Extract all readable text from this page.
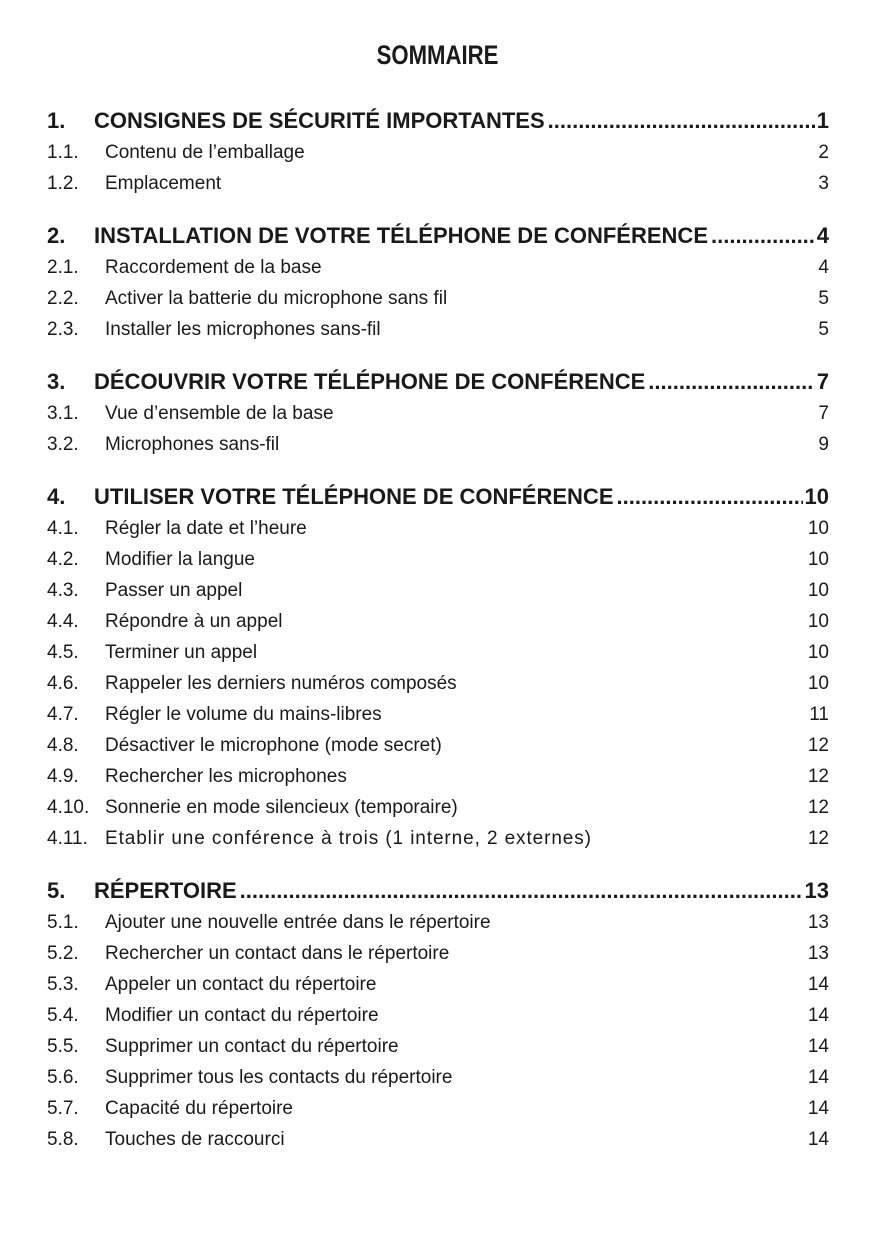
SOMMAIRE
1.	CONSIGNES DE SÉCURITÉ IMPORTANTES .....	1
1.1.	Contenu de l’emballage	2
1.2.	Emplacement	3
2.	INSTALLATION DE VOTRE TÉLÉPHONE DE CONFÉRENCE .....	4
2.1.	Raccordement de la base	4
2.2.	Activer la batterie du microphone sans fil	5
2.3.	Installer les microphones sans-fil	5
3.	DÉCOUVRIR VOTRE TÉLÉPHONE DE CONFÉRENCE .....	7
3.1.	Vue d’ensemble de la base	7
3.2.	Microphones sans-fil	9
4.	UTILISER VOTRE TÉLÉPHONE DE CONFÉRENCE .....	10
4.1.	Régler la date et l’heure	10
4.2.	Modifier la langue	10
4.3.	Passer un appel	10
4.4.	Répondre à un appel	10
4.5.	Terminer un appel	10
4.6.	Rappeler les derniers numéros composés	10
4.7.	Régler le volume du mains-libres	11
4.8.	Désactiver le microphone (mode secret)	12
4.9.	Rechercher les microphones	12
4.10. Sonnerie en mode silencieux (temporaire)	12
4.11. Etablir une conférence à trois (1 interne, 2 externes)	12
5.	RÉPERTOIRE .....	13
5.1.	Ajouter une nouvelle entrée dans le répertoire	13
5.2.	Rechercher un contact dans le répertoire	13
5.3.	Appeler un contact du répertoire	14
5.4.	Modifier un contact du répertoire	14
5.5.	Supprimer un contact du répertoire	14
5.6.	Supprimer tous les contacts du répertoire	14
5.7.	Capacité du répertoire	14
5.8.	Touches de raccourci	14
